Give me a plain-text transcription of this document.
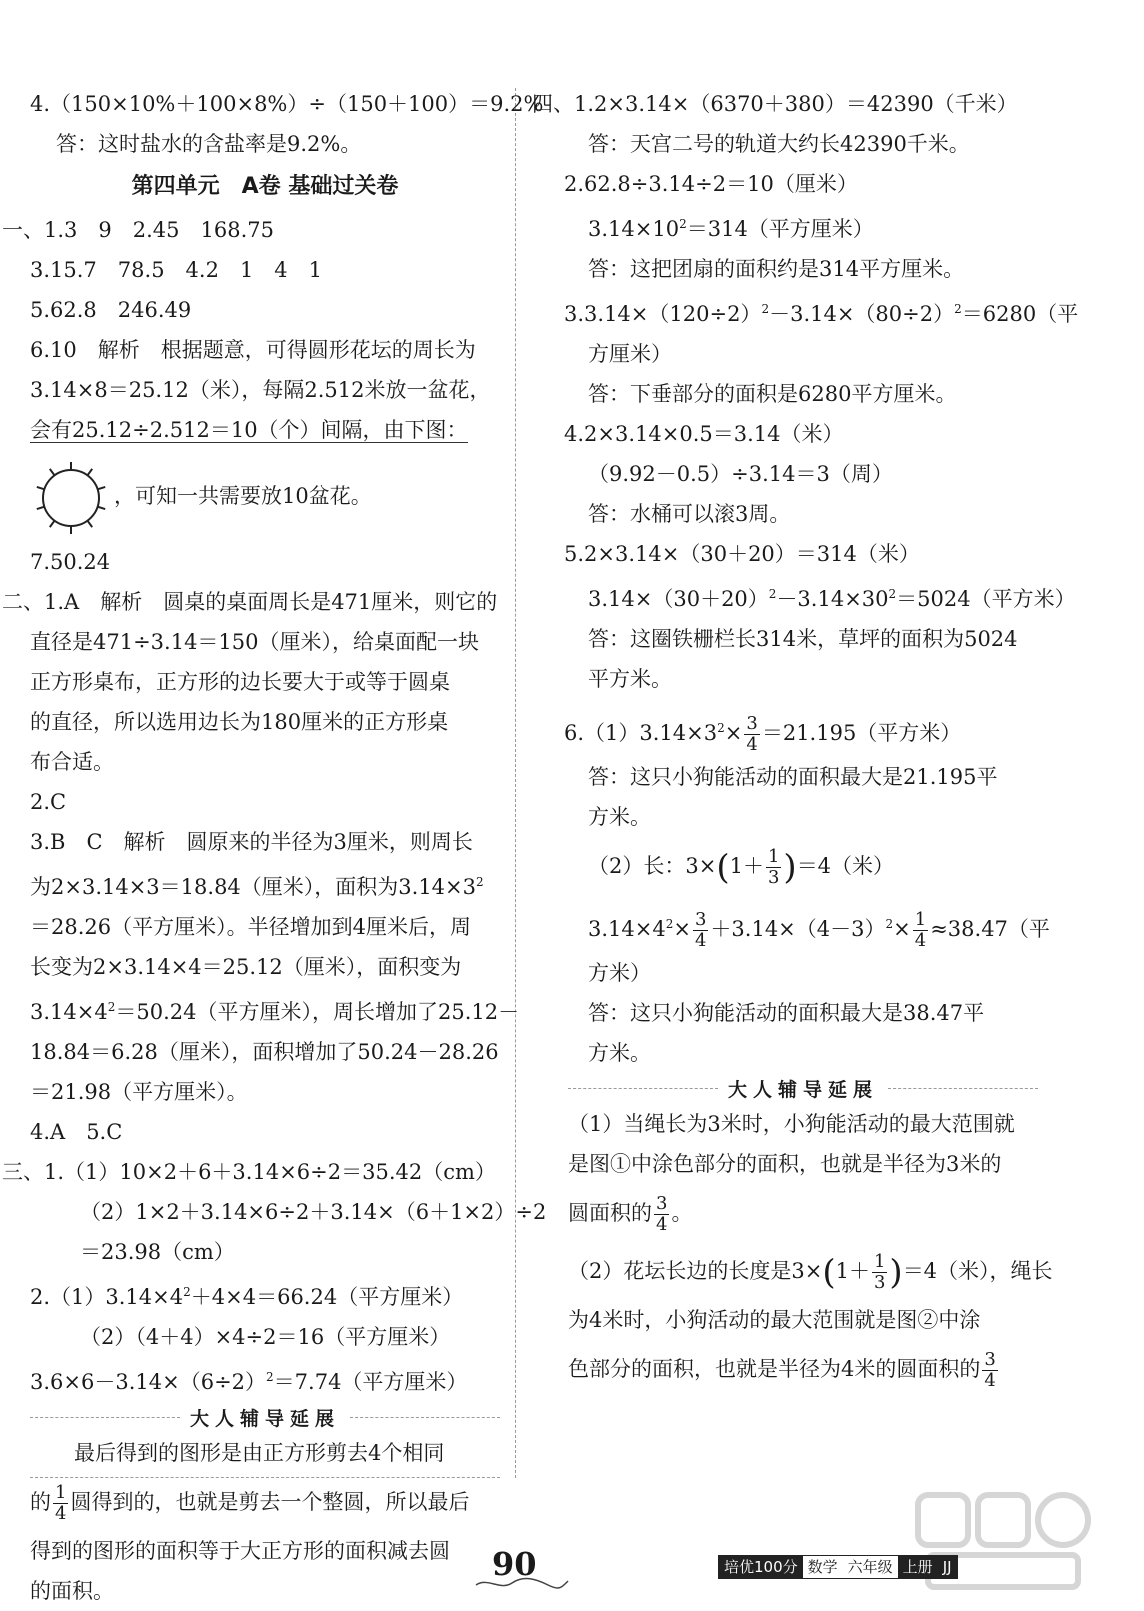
4.（150×10%＋100×8%）÷（150＋100）＝9.2%
答：这时盐水的含盐率是9.2%。
第四单元　A卷 基础过关卷
一、1.3　9　2.45　168.75
3.15.7　78.5　4.2　1　4　1
5.62.8　246.49
6.10　解析　根据题意，可得圆形花坛的周长为
3.14×8＝25.12（米），每隔2.512米放一盆花，
会有25.12÷2.512＝10（个）间隔，由下图：
，可知一共需要放10盆花。
7.50.24
二、1.A　解析　圆桌的桌面周长是471厘米，则它的
直径是471÷3.14＝150（厘米），给桌面配一块
正方形桌布，正方形的边长要大于或等于圆桌
的直径，所以选用边长为180厘米的正方形桌
布合适。
2.C
3.B　C　解析　圆原来的半径为3厘米，则周长
为2×3.14×3＝18.84（厘米），面积为$3.14\times 3^2$
＝28.26（平方厘米）。半径增加到4厘米后，周
长变为2×3.14×4＝25.12（厘米），面积变为
$3.14\times 4^2=50.24$（平方厘米），周长增加了25.12－
18.84＝6.28（厘米），面积增加了50.24－28.26
＝21.98（平方厘米）。
4.A　5.C
三、1.（1）10×2＋6＋3.14×6÷2＝35.42（cm）
（2）1×2＋3.14×6÷2＋3.14×（6＋1×2）÷2
＝23.98（cm）
$2.(1)3.14\times 4^2+4\times 4=66.24$（平方厘米）
（2）（4＋4）×4÷2＝16（平方厘米）
$3.6\times 6-3.14\times(6\div 2)^2=7.74$（平方厘米）
大人辅导延展
最后得到的图形是由正方形剪去4个相同
的 $\frac{1}{4}$ 圆得到的，也就是剪去一个整圆，所以最后
得到的图形的面积等于大正方形的面积减去圆
的面积。
四、1.2×3.14×（6370＋380）＝42390（千米）
答：天宫二号的轨道大约长42390千米。
2.62.8÷3.14÷2＝10（厘米）
$3.14\times 10^2=314$（平方厘米）
答：这把团扇的面积约是314平方厘米。
$3.3.14\times(120\div 2)^2-3.14\times(80\div 2)^2=6280$（平
方厘米）
答：下垂部分的面积是6280平方厘米。
4.2×3.14×0.5＝3.14（米）
（9.92－0.5）÷3.14＝3（周）
答：水桶可以滚3周。
5.2×3.14×（30＋20）＝314（米）
$3.14\times(30+20)^2-3.14\times 30^2=5024$（平方米）
答：这圈铁栅栏长314米，草坪的面积为5024
平方米。
$6.(1)3.14\times 3^2\times \frac{3}{4} =21.195$（平方米）
答：这只小狗能活动的面积最大是21.195平
方米。
（2）长：$3\times(1+ \frac{1}{3} )=4$（米）
$3.14\times 4^2\times \frac{3}{4} +3.14\times(4-3)^2\times \frac{1}{4} \approx 38.47$（平
方米）
答：这只小狗能活动的面积最大是38.47平
方米。
大人辅导延展
（1）当绳长为3米时，小狗能活动的最大范围就
是图①中涂色部分的面积，也就是半径为3米的
圆面积的 $\frac{3}{4}$ 。
（2）花坛长边的长度是$3\times(1+ \frac{1}{3} )=4$（米），绳长
为4米时，小狗活动的最大范围就是图②中涂
色部分的面积，也就是半径为4米的圆面积的 $\frac{3}{4}$
90	培优100分 数学 六年级 上册 JJ
